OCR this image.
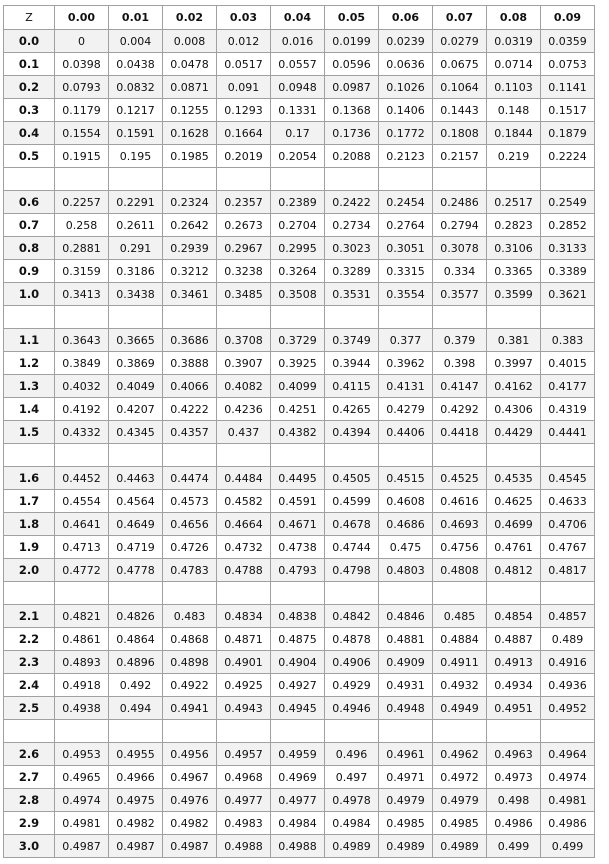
Z	0.00	0.01	0.02	0.03	0.04	0.05	0.06	0.07	0.08	0.09
0.0	0	0.004	0.008	0.012	0.016	0.0199	0.0239	0.0279	0.0319	0.0359
0.1	0.0398	0.0438	0.0478	0.0517	0.0557	0.0596	0.0636	0.0675	0.0714	0.0753
0.2	0.0793	0.0832	0.0871	0.091	0.0948	0.0987	0.1026	0.1064	0.1103	0.1141
0.3	0.1179	0.1217	0.1255	0.1293	0.1331	0.1368	0.1406	0.1443	0.148	0.1517
0.4	0.1554	0.1591	0.1628	0.1664	0.17	0.1736	0.1772	0.1808	0.1844	0.1879
0.5	0.1915	0.195	0.1985	0.2019	0.2054	0.2088	0.2123	0.2157	0.219	0.2224

0.6	0.2257	0.2291	0.2324	0.2357	0.2389	0.2422	0.2454	0.2486	0.2517	0.2549
0.7	0.258	0.2611	0.2642	0.2673	0.2704	0.2734	0.2764	0.2794	0.2823	0.2852
0.8	0.2881	0.291	0.2939	0.2967	0.2995	0.3023	0.3051	0.3078	0.3106	0.3133
0.9	0.3159	0.3186	0.3212	0.3238	0.3264	0.3289	0.3315	0.334	0.3365	0.3389
1.0	0.3413	0.3438	0.3461	0.3485	0.3508	0.3531	0.3554	0.3577	0.3599	0.3621

1.1	0.3643	0.3665	0.3686	0.3708	0.3729	0.3749	0.377	0.379	0.381	0.383
1.2	0.3849	0.3869	0.3888	0.3907	0.3925	0.3944	0.3962	0.398	0.3997	0.4015
1.3	0.4032	0.4049	0.4066	0.4082	0.4099	0.4115	0.4131	0.4147	0.4162	0.4177
1.4	0.4192	0.4207	0.4222	0.4236	0.4251	0.4265	0.4279	0.4292	0.4306	0.4319
1.5	0.4332	0.4345	0.4357	0.437	0.4382	0.4394	0.4406	0.4418	0.4429	0.4441

1.6	0.4452	0.4463	0.4474	0.4484	0.4495	0.4505	0.4515	0.4525	0.4535	0.4545
1.7	0.4554	0.4564	0.4573	0.4582	0.4591	0.4599	0.4608	0.4616	0.4625	0.4633
1.8	0.4641	0.4649	0.4656	0.4664	0.4671	0.4678	0.4686	0.4693	0.4699	0.4706
1.9	0.4713	0.4719	0.4726	0.4732	0.4738	0.4744	0.475	0.4756	0.4761	0.4767
2.0	0.4772	0.4778	0.4783	0.4788	0.4793	0.4798	0.4803	0.4808	0.4812	0.4817

2.1	0.4821	0.4826	0.483	0.4834	0.4838	0.4842	0.4846	0.485	0.4854	0.4857
2.2	0.4861	0.4864	0.4868	0.4871	0.4875	0.4878	0.4881	0.4884	0.4887	0.489
2.3	0.4893	0.4896	0.4898	0.4901	0.4904	0.4906	0.4909	0.4911	0.4913	0.4916
2.4	0.4918	0.492	0.4922	0.4925	0.4927	0.4929	0.4931	0.4932	0.4934	0.4936
2.5	0.4938	0.494	0.4941	0.4943	0.4945	0.4946	0.4948	0.4949	0.4951	0.4952

2.6	0.4953	0.4955	0.4956	0.4957	0.4959	0.496	0.4961	0.4962	0.4963	0.4964
2.7	0.4965	0.4966	0.4967	0.4968	0.4969	0.497	0.4971	0.4972	0.4973	0.4974
2.8	0.4974	0.4975	0.4976	0.4977	0.4977	0.4978	0.4979	0.4979	0.498	0.4981
2.9	0.4981	0.4982	0.4982	0.4983	0.4984	0.4984	0.4985	0.4985	0.4986	0.4986
3.0	0.4987	0.4987	0.4987	0.4988	0.4988	0.4989	0.4989	0.4989	0.499	0.499
